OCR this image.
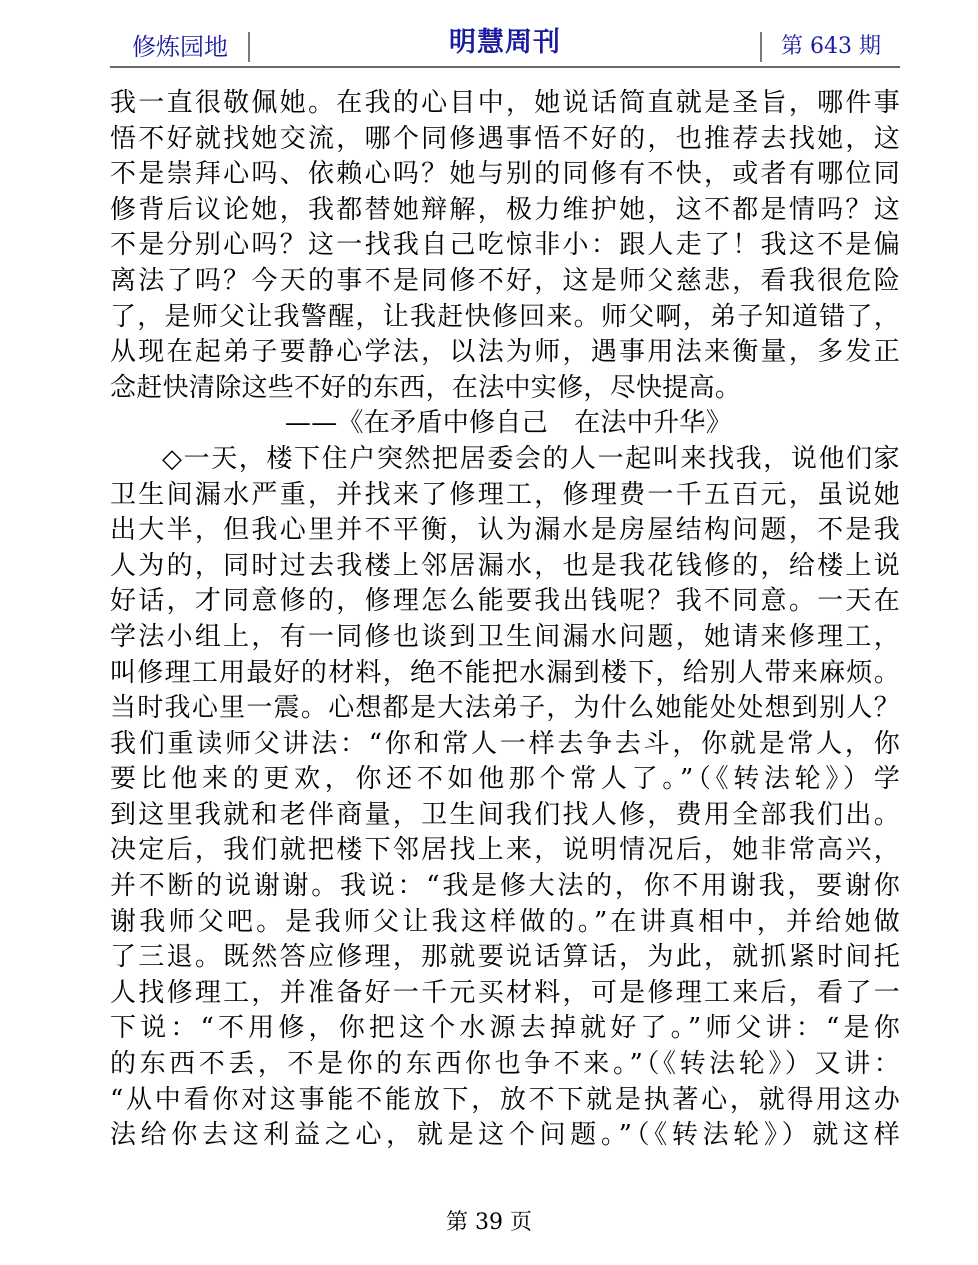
修炼园地	明慧周刊	第 643 期
我一直很敬佩她。在我的心目中，她说话简直就是圣旨，哪件事
悟不好就找她交流，哪个同修遇事悟不好的，也推荐去找她，这
不是崇拜心吗、依赖心吗？她与别的同修有不快，或者有哪位同
修背后议论她，我都替她辩解，极力维护她，这不都是情吗？这
不是分别心吗？这一找我自己吃惊非小：跟人走了！我这不是偏
离法了吗？今天的事不是同修不好，这是师父慈悲，看我很危险
了，是师父让我警醒，让我赶快修回来。师父啊，弟子知道错了，
从现在起弟子要静心学法，以法为师，遇事用法来衡量，多发正
念赶快清除这些不好的东西，在法中实修，尽快提高。
——《在矛盾中修自己　在法中升华》
◇一天，楼下住户突然把居委会的人一起叫来找我，说他们家
卫生间漏水严重，并找来了修理工，修理费一千五百元，虽说她
出大半，但我心里并不平衡，认为漏水是房屋结构问题，不是我
人为的，同时过去我楼上邻居漏水，也是我花钱修的，给楼上说
好话，才同意修的，修理怎么能要我出钱呢？我不同意。一天在
学法小组上，有一同修也谈到卫生间漏水问题，她请来修理工，
叫修理工用最好的材料，绝不能把水漏到楼下，给别人带来麻烦。
当时我心里一震。心想都是大法弟子，为什么她能处处想到别人？
我们重读师父讲法：“你和常人一样去争去斗，你就是常人，你
要比他来的更欢，你还不如他那个常人了。”（《转法轮》）学
到这里我就和老伴商量，卫生间我们找人修，费用全部我们出。
决定后，我们就把楼下邻居找上来，说明情况后，她非常高兴，
并不断的说谢谢。我说：“我是修大法的，你不用谢我，要谢你
谢我师父吧。是我师父让我这样做的。”在讲真相中，并给她做
了三退。既然答应修理，那就要说话算话，为此，就抓紧时间托
人找修理工，并准备好一千元买材料，可是修理工来后，看了一
下说：“不用修，你把这个水源去掉就好了。”师父讲：“是你
的东西不丢，不是你的东西你也争不来。”（《转法轮》）又讲：
“从中看你对这事能不能放下，放不下就是执著心，就得用这办
法给你去这利益之心，就是这个问题。”（《转法轮》）就这样
第 39 页
